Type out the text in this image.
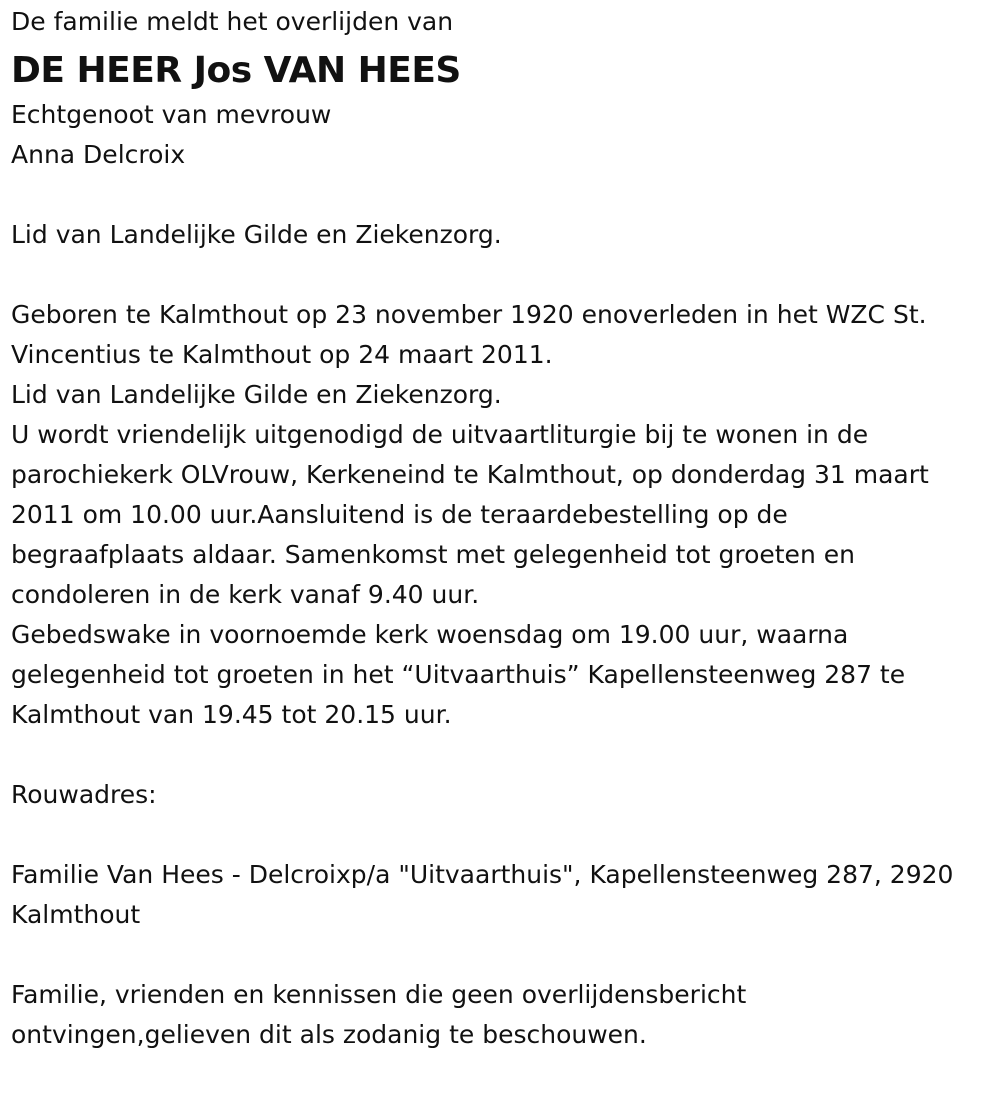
De familie meldt het overlijden van
DE HEER Jos VAN HEES
Echtgenoot van mevrouw
Anna Delcroix
Lid van Landelijke Gilde en Ziekenzorg.
Geboren te Kalmthout op 23 november 1920 enoverleden in het WZC St.
Vincentius te Kalmthout op 24 maart 2011.
Lid van Landelijke Gilde en Ziekenzorg.
U wordt vriendelijk uitgenodigd de uitvaartliturgie bij te wonen in de
parochiekerk OLVrouw, Kerkeneind te Kalmthout, op donderdag 31 maart
2011 om 10.00 uur.Aansluitend is de teraardebestelling op de
begraafplaats aldaar. Samenkomst met gelegenheid tot groeten en
condoleren in de kerk vanaf 9.40 uur.
Gebedswake in voornoemde kerk woensdag om 19.00 uur, waarna
gelegenheid tot groeten in het “Uitvaarthuis” Kapellensteenweg 287 te
Kalmthout van 19.45 tot 20.15 uur.
Rouwadres:
Familie Van Hees - Delcroixp/a "Uitvaarthuis", Kapellensteenweg 287, 2920
Kalmthout
Familie, vrienden en kennissen die geen overlijdensbericht
ontvingen,gelieven dit als zodanig te beschouwen.
